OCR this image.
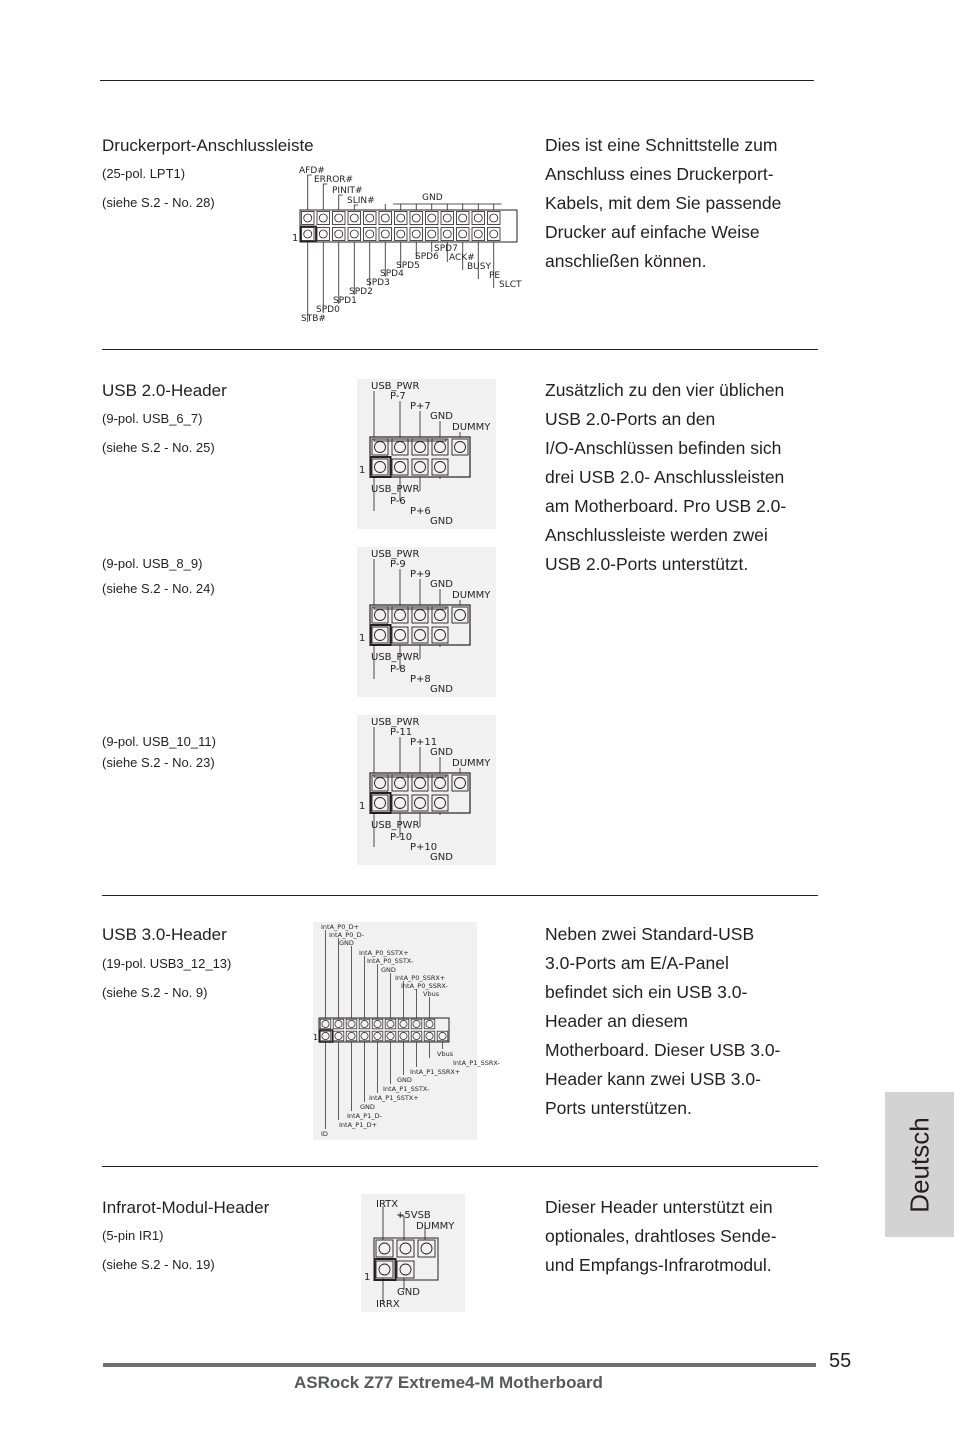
Druckerport-Anschlussleiste
(25-pol. LPT1)
(siehe S.2 - No. 28)
Dies ist eine Schnittstelle zum
Anschluss eines Druckerport-
Kabels, mit dem Sie passende
Drucker auf einfache Weise
anschließen können.
1
AFD#
ERROR#
PINIT#
SLIN#	GND
SPD7
ACK#
SPD6
BUSY
SPD5
PE
SPD4
SLCT
SPD3
SPD2
SPD1
SPD0
STB#
USB 2.0-Header
(9-pol. USB_6_7)
(siehe S.2 - No. 25)
(9-pol. USB_8_9)
(siehe S.2 - No. 24)
(9-pol. USB_10_11)
(siehe S.2 - No. 23)
Zusätzlich zu den vier üblichen
USB 2.0-Ports an den
I/O-Anschlüssen befinden sich
drei USB 2.0- Anschlussleisten
am Motherboard. Pro USB 2.0-
Anschlussleiste werden zwei
USB 2.0-Ports unterstützt.
USB_PWR
P-7
P+7
GND
DUMMY
GND
P+6
P-6
USB_PWR
1
USB_PWR
P-9
P+9
GND
DUMMY
GND
P+8
P-8
USB_PWR
1
USB_PWR
P-11
P+11
GND
DUMMY
GND
P+10
P-10
USB_PWR
1
USB 3.0-Header
(19-pol. USB3_12_13)
(siehe S.2 - No. 9)
Neben zwei Standard-USB
3.0-Ports am E/A-Panel
befindet sich ein USB 3.0-
Header an diesem
Motherboard. Dieser USB 3.0-
Header kann zwei USB 3.0-
Ports unterstützen.
1
IntA_P0_D+
IntA_P0_D-
GND
IntA_P0_SSTX+
IntA_P0_SSTX-
GND
IntA_P0_SSRX+
IntA_P0_SSRX-
Vbus
Vbus
IntA_P1_SSRX-
IntA_P1_SSRX+
GND
IntA_P1_SSTX-
IntA_P1_SSTX+
GND
IntA_P1_D-
IntA_P1_D+
ID
Infrarot-Modul-Header
(5-pin IR1)
(siehe S.2 - No. 19)
Dieser Header unterstützt ein
optionales, drahtloses Sende-
und Empfangs-Infrarotmodul.
IRTX
+5VSB
DUMMY
GND
IRRX
1
Deutsch
55
ASRock Z77 Extreme4-M Motherboard
